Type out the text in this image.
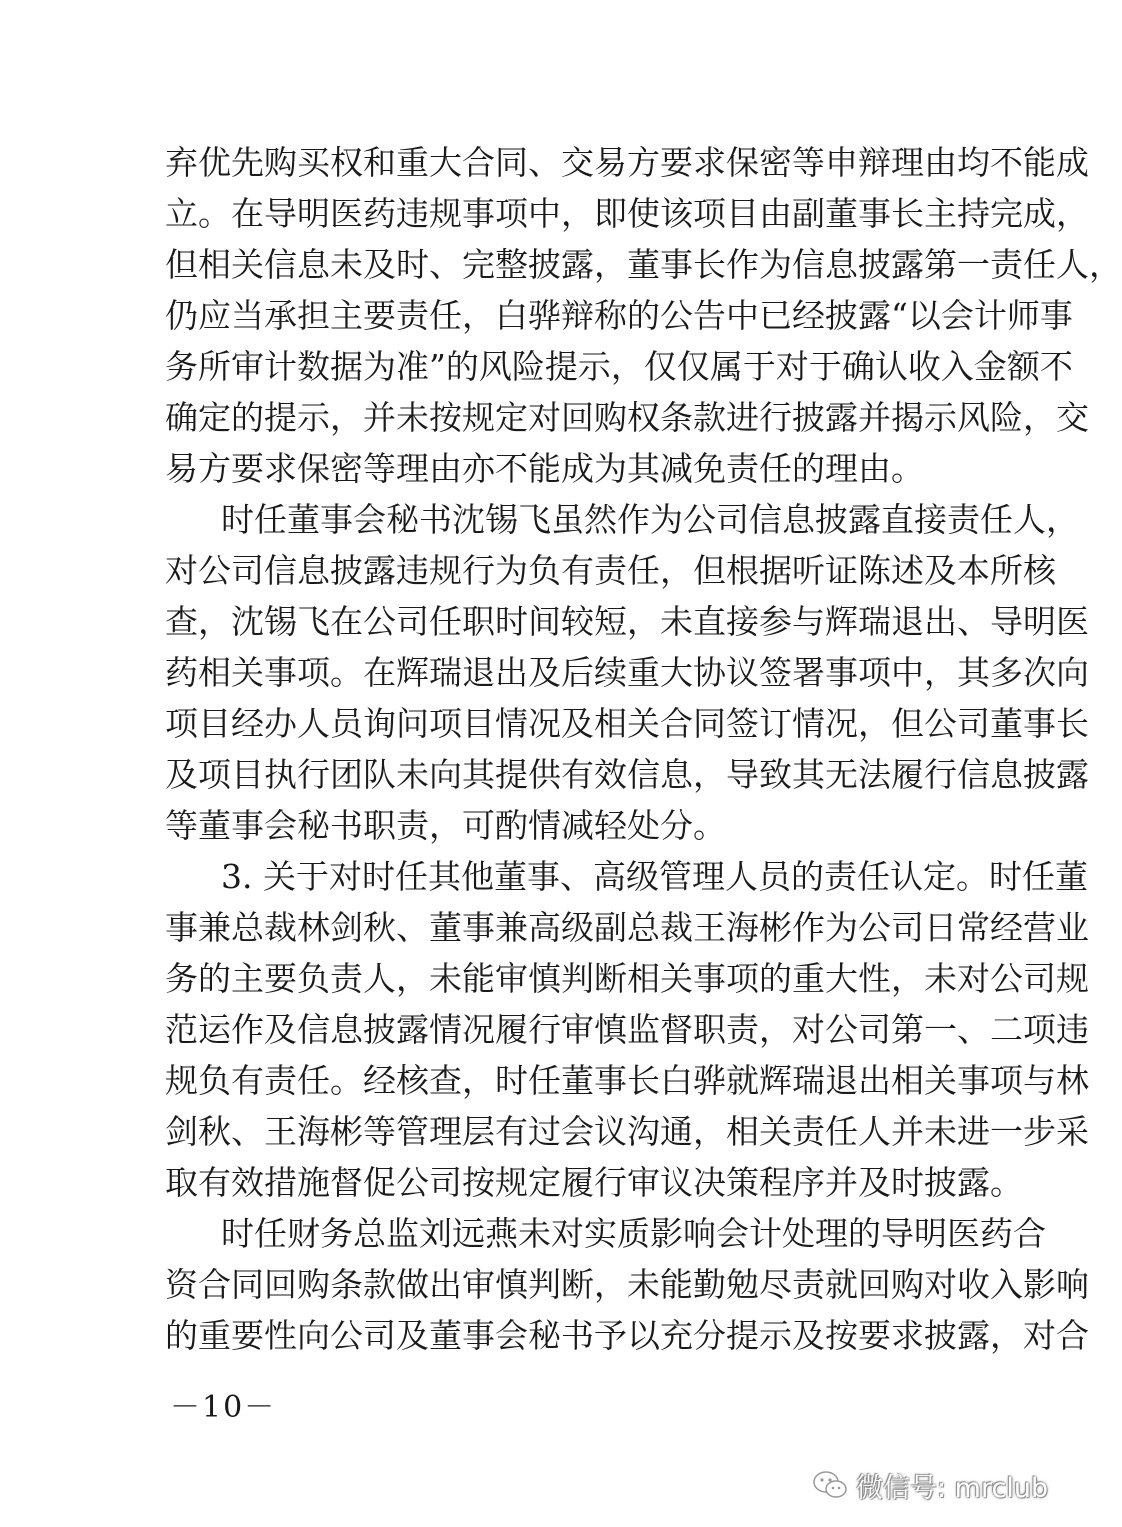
弃优先购买权和重大合同、交易方要求保密等申辩理由均不能成
立。在导明医药违规事项中，即使该项目由副董事长主持完成，
但相关信息未及时、完整披露，董事长作为信息披露第一责任人，
仍应当承担主要责任，白骅辩称的公告中已经披露“以会计师事
务所审计数据为准”的风险提示，仅仅属于对于确认收入金额不
确定的提示，并未按规定对回购权条款进行披露并揭示风险，交
易方要求保密等理由亦不能成为其减免责任的理由。
时任董事会秘书沈锡飞虽然作为公司信息披露直接责任人，
对公司信息披露违规行为负有责任，但根据听证陈述及本所核
查，沈锡飞在公司任职时间较短，未直接参与辉瑞退出、导明医
药相关事项。在辉瑞退出及后续重大协议签署事项中，其多次向
项目经办人员询问项目情况及相关合同签订情况，但公司董事长
及项目执行团队未向其提供有效信息，导致其无法履行信息披露
等董事会秘书职责，可酌情减轻处分。
3. 关于对时任其他董事、高级管理人员的责任认定。时任董
事兼总裁林剑秋、董事兼高级副总裁王海彬作为公司日常经营业
务的主要负责人，未能审慎判断相关事项的重大性，未对公司规
范运作及信息披露情况履行审慎监督职责，对公司第一、二项违
规负有责任。经核查，时任董事长白骅就辉瑞退出相关事项与林
剑秋、王海彬等管理层有过会议沟通，相关责任人并未进一步采
取有效措施督促公司按规定履行审议决策程序并及时披露。
时任财务总监刘远燕未对实质影响会计处理的导明医药合
资合同回购条款做出审慎判断，未能勤勉尽责就回购对收入影响
的重要性向公司及董事会秘书予以充分提示及按要求披露，对合
－10－
微信号: mrclub
